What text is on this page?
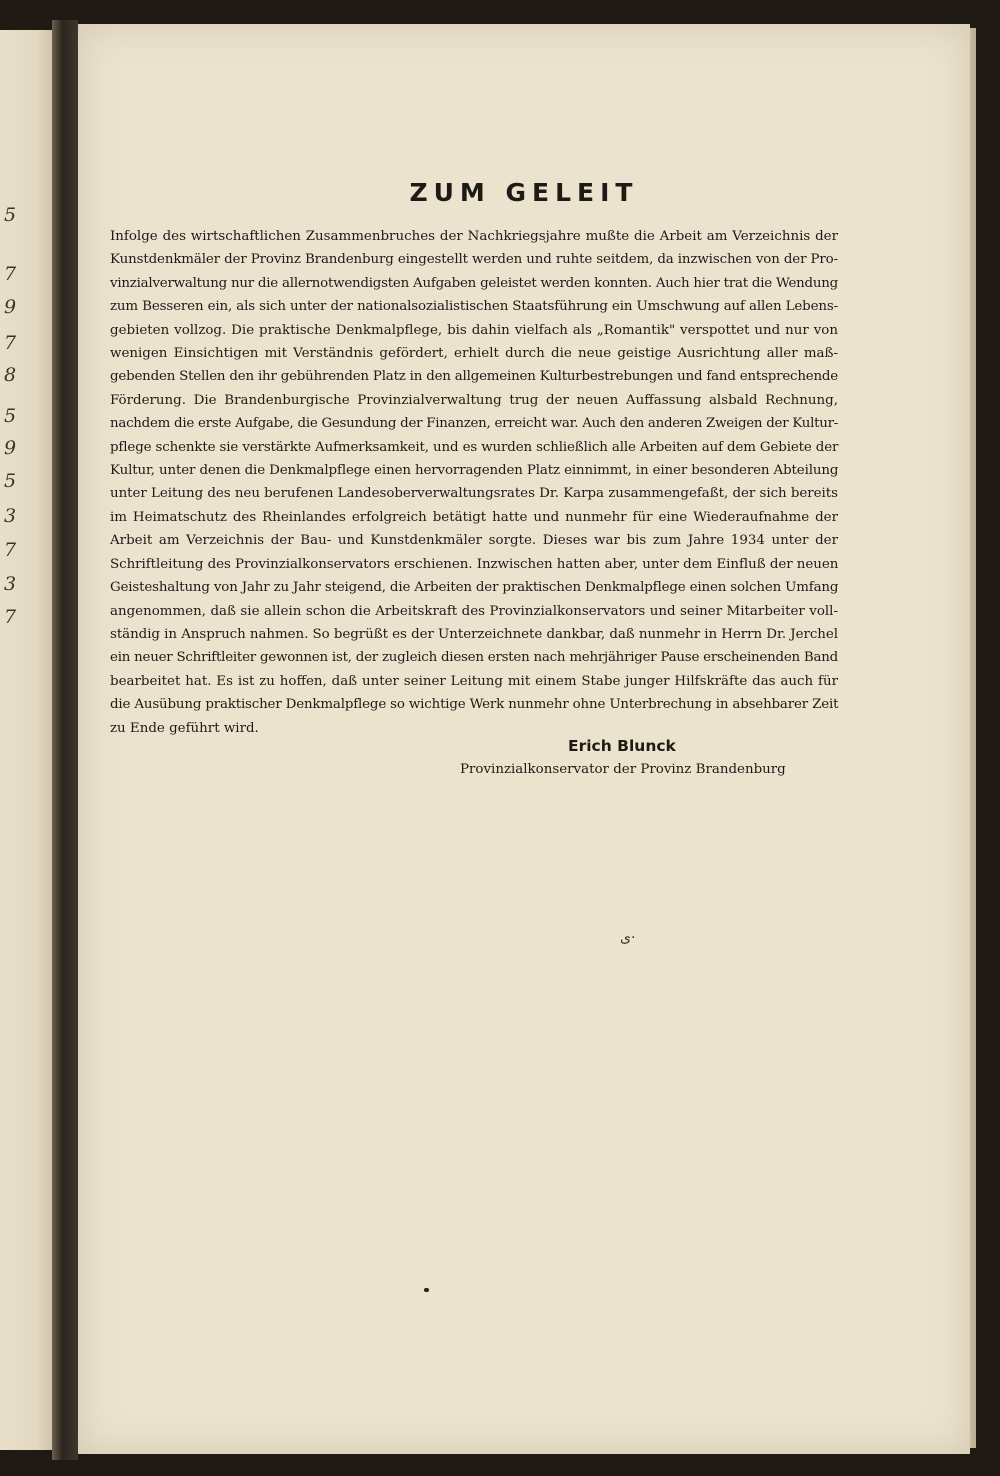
5
7
9
7
8
5
9
5
3
7
3
7
ZUM GELEIT
Infolge des wirtschaftlichen Zusammenbruches der Nachkriegsjahre mußte die Arbeit am Verzeichnis der
Kunstdenkmäler der Provinz Brandenburg eingestellt werden und ruhte seitdem, da inzwischen von der Pro-
vinzialverwaltung nur die allernotwendigsten Aufgaben geleistet werden konnten. Auch hier trat die Wendung
zum Besseren ein, als sich unter der nationalsozialistischen Staatsführung ein Umschwung auf allen Lebens-
gebieten vollzog. Die praktische Denkmalpflege, bis dahin vielfach als „Romantik" verspottet und nur von
wenigen Einsichtigen mit Verständnis gefördert, erhielt durch die neue geistige Ausrichtung aller maß-
gebenden Stellen den ihr gebührenden Platz in den allgemeinen Kulturbestrebungen und fand entsprechende
Förderung. Die Brandenburgische Provinzialverwaltung trug der neuen Auffassung alsbald Rechnung,
nachdem die erste Aufgabe, die Gesundung der Finanzen, erreicht war. Auch den anderen Zweigen der Kultur-
pflege schenkte sie verstärkte Aufmerksamkeit, und es wurden schließlich alle Arbeiten auf dem Gebiete der
Kultur, unter denen die Denkmalpflege einen hervorragenden Platz einnimmt, in einer besonderen Abteilung
unter Leitung des neu berufenen Landesoberverwaltungsrates Dr. Karpa zusammengefaßt, der sich bereits
im Heimatschutz des Rheinlandes erfolgreich betätigt hatte und nunmehr für eine Wiederaufnahme der
Arbeit am Verzeichnis der Bau- und Kunstdenkmäler sorgte. Dieses war bis zum Jahre 1934 unter der
Schriftleitung des Provinzialkonservators erschienen. Inzwischen hatten aber, unter dem Einfluß der neuen
Geisteshaltung von Jahr zu Jahr steigend, die Arbeiten der praktischen Denkmalpflege einen solchen Umfang
angenommen, daß sie allein schon die Arbeitskraft des Provinzialkonservators und seiner Mitarbeiter voll-
ständig in Anspruch nahmen. So begrüßt es der Unterzeichnete dankbar, daß nunmehr in Herrn Dr. Jerchel
ein neuer Schriftleiter gewonnen ist, der zugleich diesen ersten nach mehrjähriger Pause erscheinenden Band
bearbeitet hat. Es ist zu hoffen, daß unter seiner Leitung mit einem Stabe junger Hilfskräfte das auch für
die Ausübung praktischer Denkmalpflege so wichtige Werk nunmehr ohne Unterbrechung in absehbarer Zeit
zu Ende geführt wird.
Erich Blunck
Provinzialkonservator der Provinz Brandenburg
ى·
